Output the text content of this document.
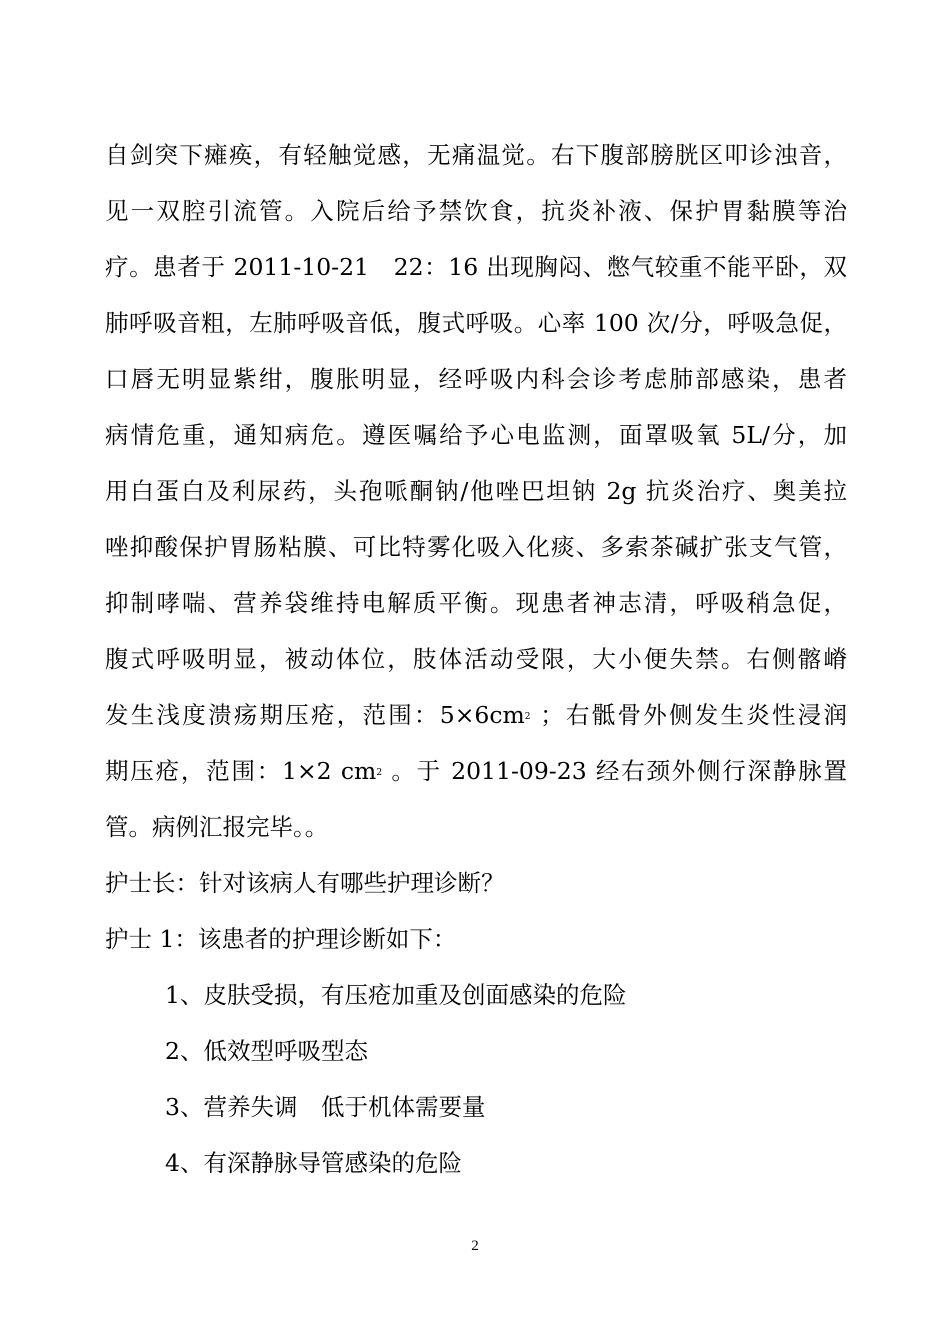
自剑突下瘫痪，有轻触觉感，无痛温觉。右下腹部膀胱区叩诊浊音，
见一双腔引流管。入院后给予禁饮食，抗炎补液、保护胃黏膜等治
疗。患者于 2011-10-21　22：16 出现胸闷、憋气较重不能平卧，双
肺呼吸音粗，左肺呼吸音低，腹式呼吸。心率 100 次/分，呼吸急促，
口唇无明显紫绀，腹胀明显，经呼吸内科会诊考虑肺部感染，患者
病情危重，通知病危。遵医嘱给予心电监测，面罩吸氧 5L/分，加
用白蛋白及利尿药，头孢哌酮钠/他唑巴坦钠 2g 抗炎治疗、奥美拉
唑抑酸保护胃肠粘膜、可比特雾化吸入化痰、多索茶碱扩张支气管，
抑制哮喘、营养袋维持电解质平衡。现患者神志清，呼吸稍急促，
腹式呼吸明显，被动体位，肢体活动受限，大小便失禁。右侧髂嵴
发生浅度溃疡期压疮，范围：$5\times 6cm^2$ ；右骶骨外侧发生炎性浸润
期压疮，范围：1×2 $cm^2$ 。于 2011-09-23 经右颈外侧行深静脉置
管。病例汇报完毕。。
护士长：针对该病人有哪些护理诊断？
护士 1：该患者的护理诊断如下：
1、皮肤受损，有压疮加重及创面感染的危险
2、低效型呼吸型态
3、营养失调　低于机体需要量
4、有深静脉导管感染的危险
2
